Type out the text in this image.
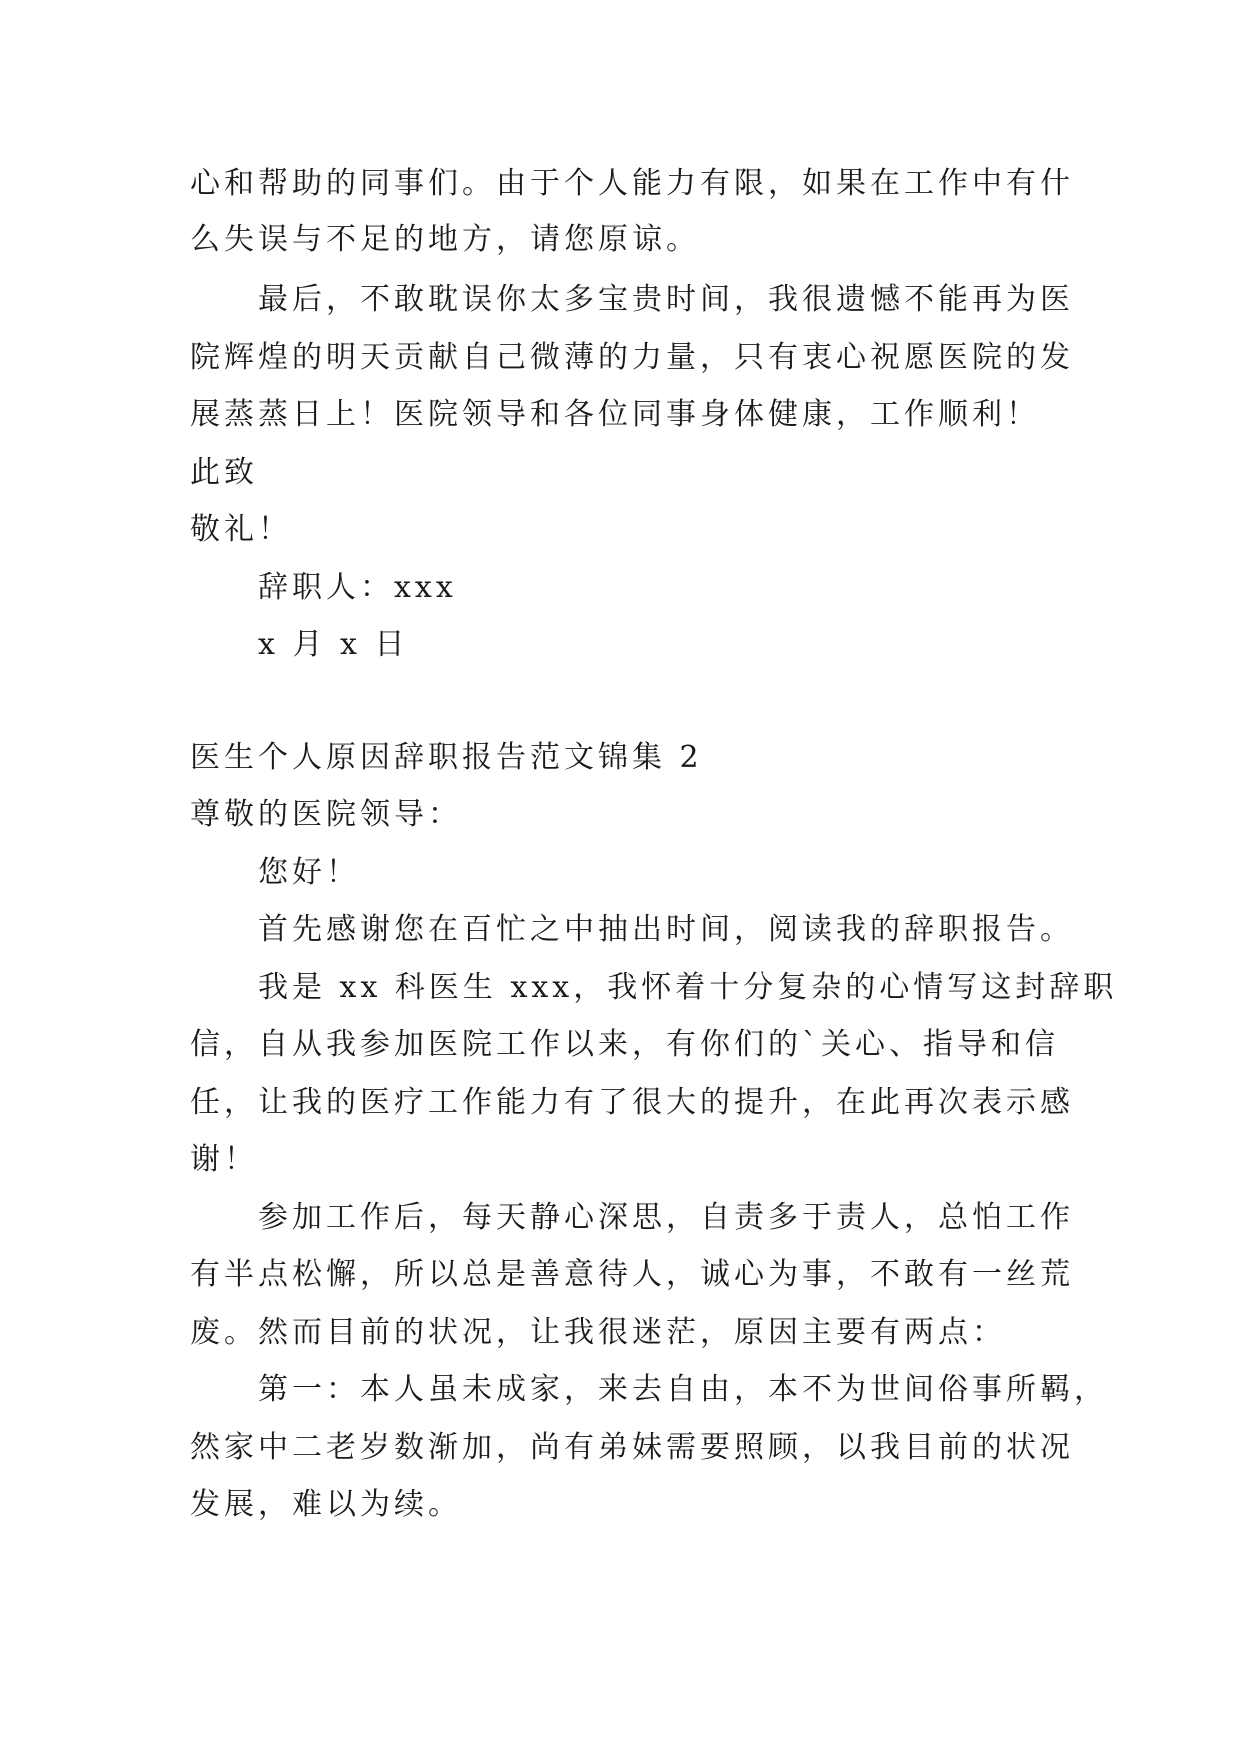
心和帮助的同事们。由于个人能力有限，如果在工作中有什
么失误与不足的地方，请您原谅。
最后，不敢耽误你太多宝贵时间，我很遗憾不能再为医
院辉煌的明天贡献自己微薄的力量，只有衷心祝愿医院的发
展蒸蒸日上！医院领导和各位同事身体健康，工作顺利！
此致
敬礼！
辞职人：xxx
x 月 x 日
医生个人原因辞职报告范文锦集 2
尊敬的医院领导：
您好！
首先感谢您在百忙之中抽出时间，阅读我的辞职报告。
我是 xx 科医生 xxx，我怀着十分复杂的心情写这封辞职
信，自从我参加医院工作以来，有你们的`关心、指导和信
任，让我的医疗工作能力有了很大的提升，在此再次表示感
谢！
参加工作后，每天静心深思，自责多于责人，总怕工作
有半点松懈，所以总是善意待人，诚心为事，不敢有一丝荒
废。然而目前的状况，让我很迷茫，原因主要有两点：
第一：本人虽未成家，来去自由，本不为世间俗事所羁，
然家中二老岁数渐加，尚有弟妹需要照顾，以我目前的状况
发展，难以为续。
